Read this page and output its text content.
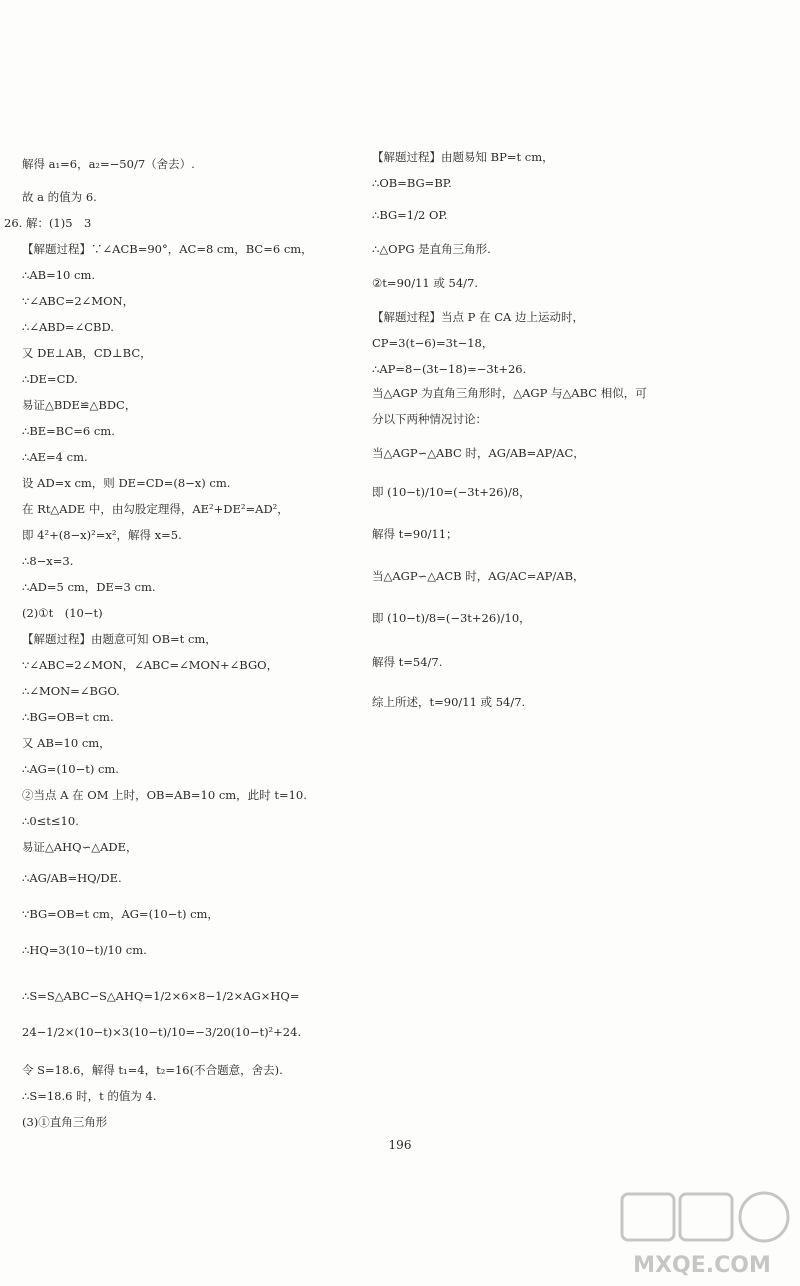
解得 a₁=6，a₂=−50/7（舍去）.
故 a 的值为 6.
26. 解：(1)5　3
【解题过程】∵∠ACB=90°，AC=8 cm，BC=6 cm，
∴AB=10 cm.
∵∠ABC=2∠MON，
∴∠ABD=∠CBD.
又 DE⊥AB，CD⊥BC，
∴DE=CD.
易证△BDE≌△BDC，
∴BE=BC=6 cm.
∴AE=4 cm.
设 AD=x cm，则 DE=CD=(8−x) cm.
在 Rt△ADE 中，由勾股定理得，AE²+DE²=AD²，
即 4²+(8−x)²=x²，解得 x=5.
∴8−x=3.
∴AD=5 cm，DE=3 cm.
(2)①t　(10−t)
【解题过程】由题意可知 OB=t cm，
∵∠ABC=2∠MON，∠ABC=∠MON+∠BGO，
∴∠MON=∠BGO.
∴BG=OB=t cm.
又 AB=10 cm，
∴AG=(10−t) cm.
②当点 A 在 OM 上时，OB=AB=10 cm，此时 t=10.
∴0≤t≤10.
易证△AHQ∽△ADE，
∴AG/AB=HQ/DE.
∵BG=OB=t cm，AG=(10−t) cm，
∴HQ=3(10−t)/10 cm.
∴S=S△ABC−S△AHQ=1/2×6×8−1/2×AG×HQ=
24−1/2×(10−t)×3(10−t)/10=−3/20(10−t)²+24.
令 S=18.6，解得 t₁=4，t₂=16(不合题意，舍去).
∴S=18.6 时，t 的值为 4.
(3)①直角三角形
【解题过程】由题易知 BP=t cm，
∴OB=BG=BP.
∴BG=1/2 OP.
∴△OPG 是直角三角形.
②t=90/11 或 54/7.
【解题过程】当点 P 在 CA 边上运动时，
CP=3(t−6)=3t−18，
∴AP=8−(3t−18)=−3t+26.
当△AGP 为直角三角形时，△AGP 与△ABC 相似，可
分以下两种情况讨论：
当△AGP∽△ABC 时，AG/AB=AP/AC，
即 (10−t)/10=(−3t+26)/8，
解得 t=90/11；
当△AGP∽△ACB 时，AG/AC=AP/AB，
即 (10−t)/8=(−3t+26)/10，
解得 t=54/7.
综上所述，t=90/11 或 54/7.
196
MXQE.COM
